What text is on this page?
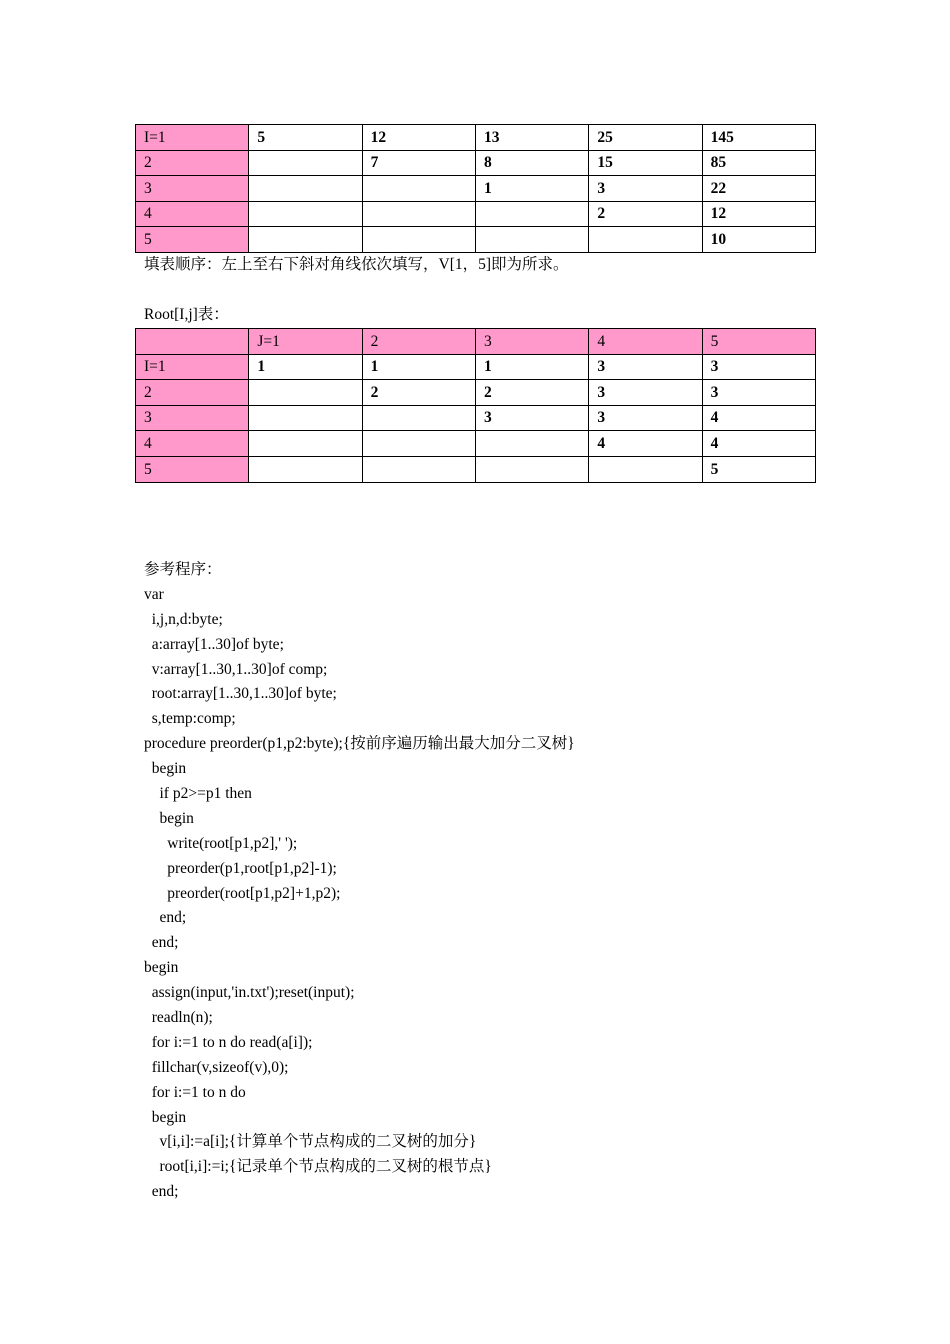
I=1	5	12	13	25	145
2		7	8	15	85
3			1	3	22
4				2	12
5					10
填表顺序：左上至右下斜对角线依次填写，V[1，5]即为所求。
Root[I,j]表：
	J=1	2	3	4	5
I=1	1	1	1	3	3
2		2	2	3	3
3			3	3	4
4				4	4
5					5
参考程序：
var
i,j,n,d:byte;
a:array[1..30]of byte;
v:array[1..30,1..30]of comp;
root:array[1..30,1..30]of byte;
s,temp:comp;
procedure preorder(p1,p2:byte);{按前序遍历输出最大加分二叉树}
begin
if p2>=p1 then
begin
write(root[p1,p2],' ');
preorder(p1,root[p1,p2]-1);
preorder(root[p1,p2]+1,p2);
end;
end;
begin
assign(input,'in.txt');reset(input);
readln(n);
for i:=1 to n do read(a[i]);
fillchar(v,sizeof(v),0);
for i:=1 to n do
begin
v[i,i]:=a[i];{计算单个节点构成的二叉树的加分}
root[i,i]:=i;{记录单个节点构成的二叉树的根节点}
end;
